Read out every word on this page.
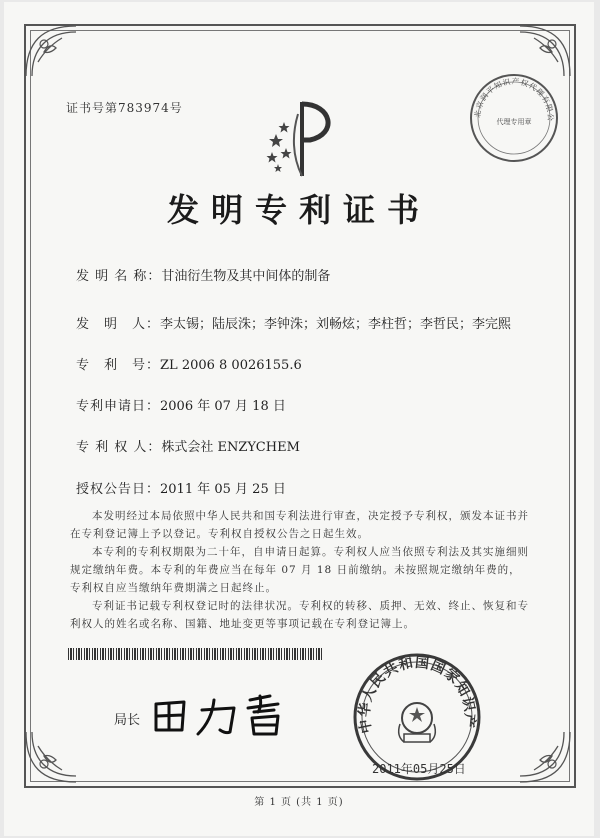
证书号第783974号	北京润平知识产权代理有限公
代理专用章
发明专利证书
发 明 名 称：甘油衍生物及其中间体的制备
发　明　人：李太锡；陆辰洙；李钟洙；刘畅炫；李柱哲；李哲民；李完熙
专　利　号：ZL 2006 8 0026155.6
专利申请日：2006 年 07 月 18 日
专 利 权 人：株式会社 ENZYCHEM
授权公告日：2011 年 05 月 25 日
本发明经过本局依照中华人民共和国专利法进行审查，决定授予专利权，颁发本证书并在专利登记簿上予以登记。专利权自授权公告之日起生效。
本专利的专利权期限为二十年，自申请日起算。专利权人应当依照专利法及其实施细则规定缴纳年费。本专利的年费应当在每年 07 月 18 日前缴纳。未按照规定缴纳年费的，专利权自应当缴纳年费期满之日起终止。
专利证书记载专利权登记时的法律状况。专利权的转移、质押、无效、终止、恢复和专利权人的姓名或名称、国籍、地址变更等事项记载在专利登记簿上。
局长	中华人民共和国国家知识产
2011年05月25日
第 1 页 (共 1 页)
